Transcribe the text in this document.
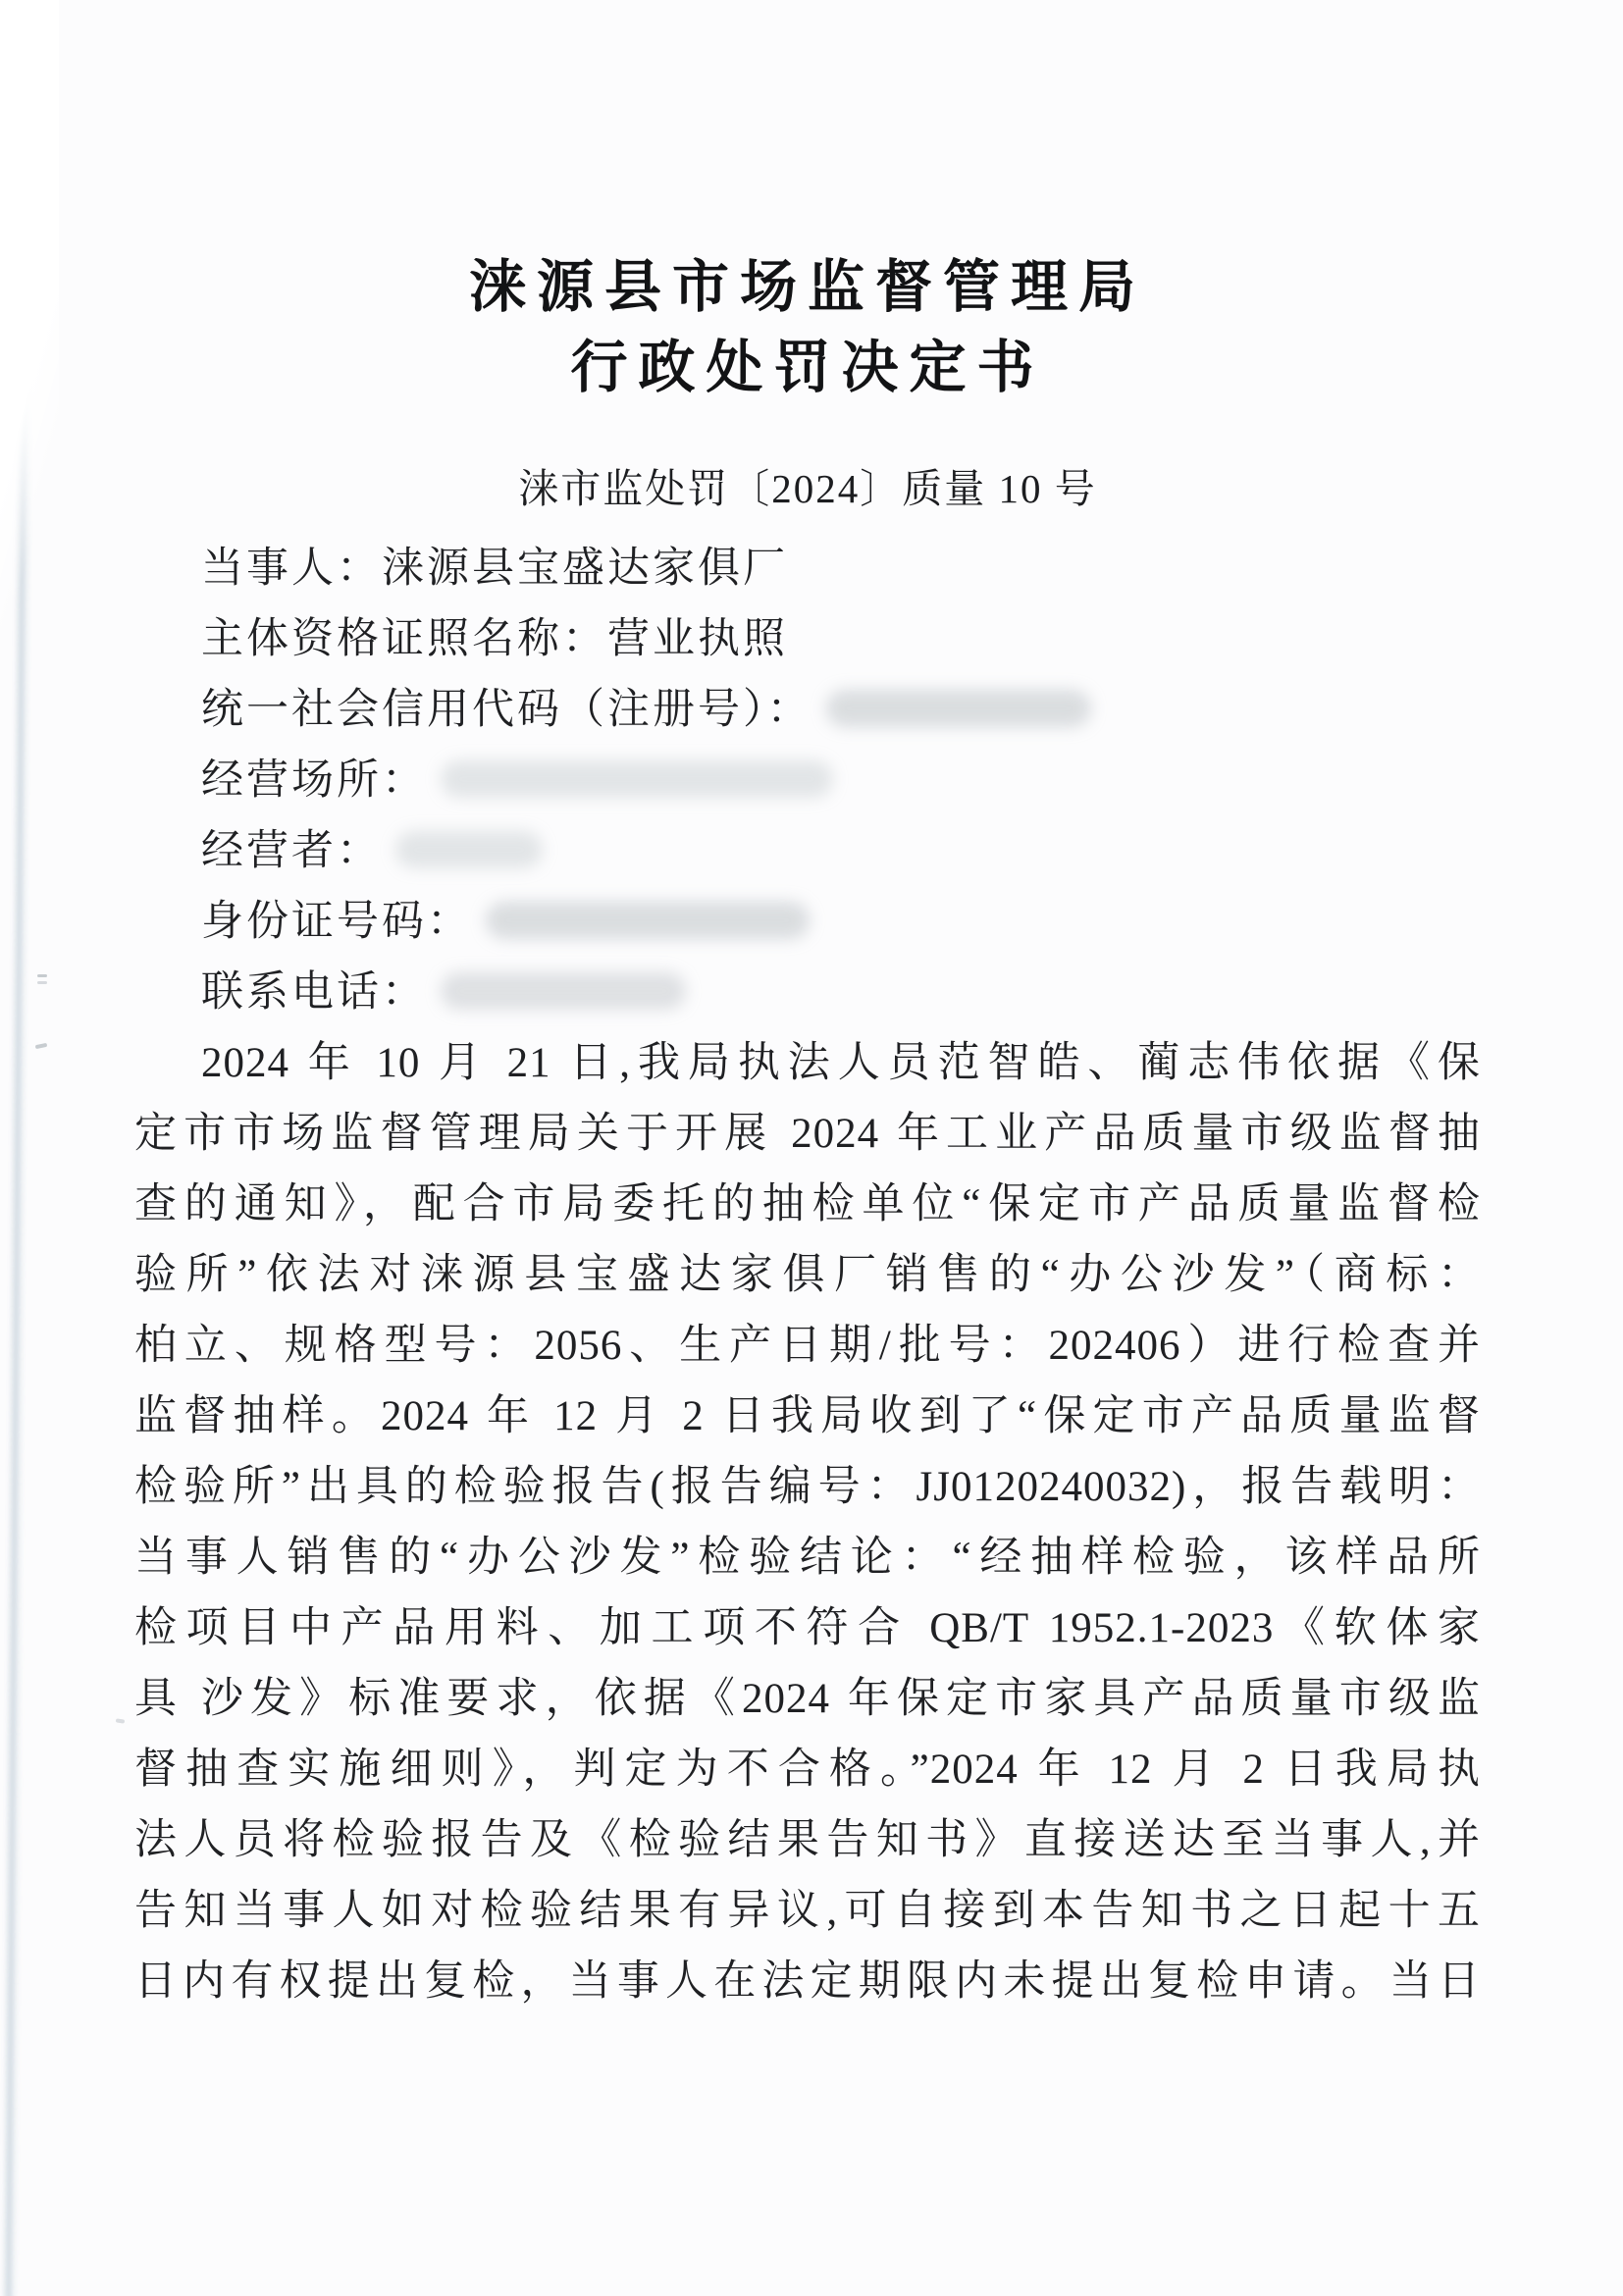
涞源县市场监督管理局
行政处罚决定书
涞市监处罚〔2024〕质量 10 号
当事人：涞源县宝盛达家俱厂
主体资格证照名称：营业执照
统一社会信用代码（注册号）：
经营场所：
经营者：
身份证号码：
联系电话：
2024 年 10 月 21 日,我局执法人员范智皓、蔺志伟依据《保
定市市场监督管理局关于开展 2024 年工业产品质量市级监督抽
查的通知》，配合市局委托的抽检单位“保定市产品质量监督检
验所”依法对涞源县宝盛达家俱厂销售的“办公沙发”（商标：
柏立、规格型号：2056、生产日期/批号：202406）进行检查并
监督抽样。2024 年 12 月 2 日我局收到了“保定市产品质量监督
检验所”出具的检验报告(报告编号：JJ0120240032)，报告载明：
当事人销售的“办公沙发”检验结论：“经抽样检验，该样品所
检项目中产品用料、加工项不符合 QB/T 1952.1-2023《软体家
具 沙发》标准要求，依据《2024 年保定市家具产品质量市级监
督抽查实施细则》，判定为不合格。”2024 年 12 月 2 日我局执
法人员将检验报告及《检验结果告知书》直接送达至当事人,并
告知当事人如对检验结果有异议,可自接到本告知书之日起十五
日内有权提出复检，当事人在法定期限内未提出复检申请。当日
